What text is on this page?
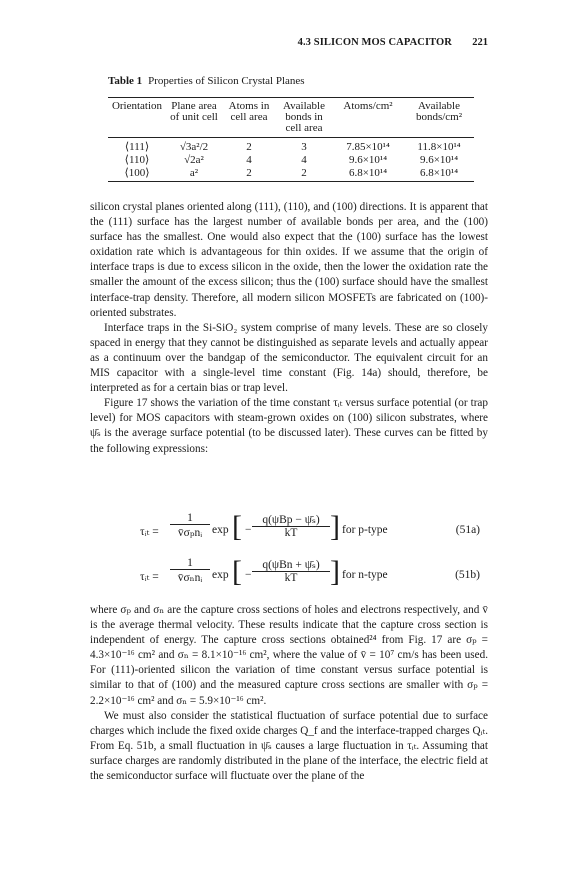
4.3 SILICON MOS CAPACITOR 221
Table 1 Properties of Silicon Crystal Planes
Orientation	Plane area of unit cell	Atoms in cell area	Available bonds in cell area	Atoms/cm²	Available bonds/cm²
⟨111⟩	√3a²/2	2	3	7.85×10¹⁴	11.8×10¹⁴
⟨110⟩	√2a²	4	4	9.6×10¹⁴	9.6×10¹⁴
⟨100⟩	a²	2	2	6.8×10¹⁴	6.8×10¹⁴

silicon crystal planes oriented along (111), (110), and (100) directions. It is apparent that the (111) surface has the largest number of available bonds per area, and the (100) surface has the smallest. One would also expect that the (100) surface has the lowest oxidation rate which is advantageous for thin oxides. If we assume that the origin of interface traps is due to excess silicon in the oxide, then the lower the oxidation rate the smaller the amount of the excess silicon; thus the (100) surface should have the smallest interface-trap density. Therefore, all modern silicon MOSFETs are fabricated on (100)-oriented substrates.

Interface traps in the Si-SiO₂ system comprise of many levels. These are so closely spaced in energy that they cannot be distinguished as separate levels and actually appear as a continuum over the bandgap of the semiconductor. The equivalent circuit for an MIS capacitor with a single-level time constant (Fig. 14a) should, therefore, be interpreted as for a certain bias or trap level.

Figure 17 shows the variation of the time constant τᵢₜ versus surface potential (or trap level) for MOS capacitors with steam-grown oxides on (100) silicon substrates, where ψ̄ₛ is the average surface potential (to be discussed later). These curves can be fitted by the following expressions:

τᵢₜ =
1
v̄σₚnᵢ exp [ −
q(ψBp − ψ̄ₛ)
kT	] for p-type	(51a)
τᵢₜ =
1
v̄σₙnᵢ exp [ −
q(ψBn + ψ̄ₛ)
kT	] for n-type	(51b)

where σₚ and σₙ are the capture cross sections of holes and electrons respectively, and v̄ is the average thermal velocity. These results indicate that the capture cross section is independent of energy. The capture cross sections obtained²⁴ from Fig. 17 are σₚ = 4.3×10⁻¹⁶ cm² and σₙ = 8.1×10⁻¹⁶ cm², where the value of v̄ = 10⁷ cm/s has been used. For (111)-oriented silicon the variation of time constant versus surface potential is similar to that of (100) and the measured capture cross sections are smaller with σₚ = 2.2×10⁻¹⁶ cm² and σₙ = 5.9×10⁻¹⁶ cm².

We must also consider the statistical fluctuation of surface potential due to surface charges which include the fixed oxide charges Q_f and the interface-trapped charges Qᵢₜ. From Eq. 51b, a small fluctuation in ψ̄ₛ causes a large fluctuation in τᵢₜ. Assuming that surface charges are randomly distributed in the plane of the interface, the electric field at the semiconductor surface will fluctuate over the plane of the
